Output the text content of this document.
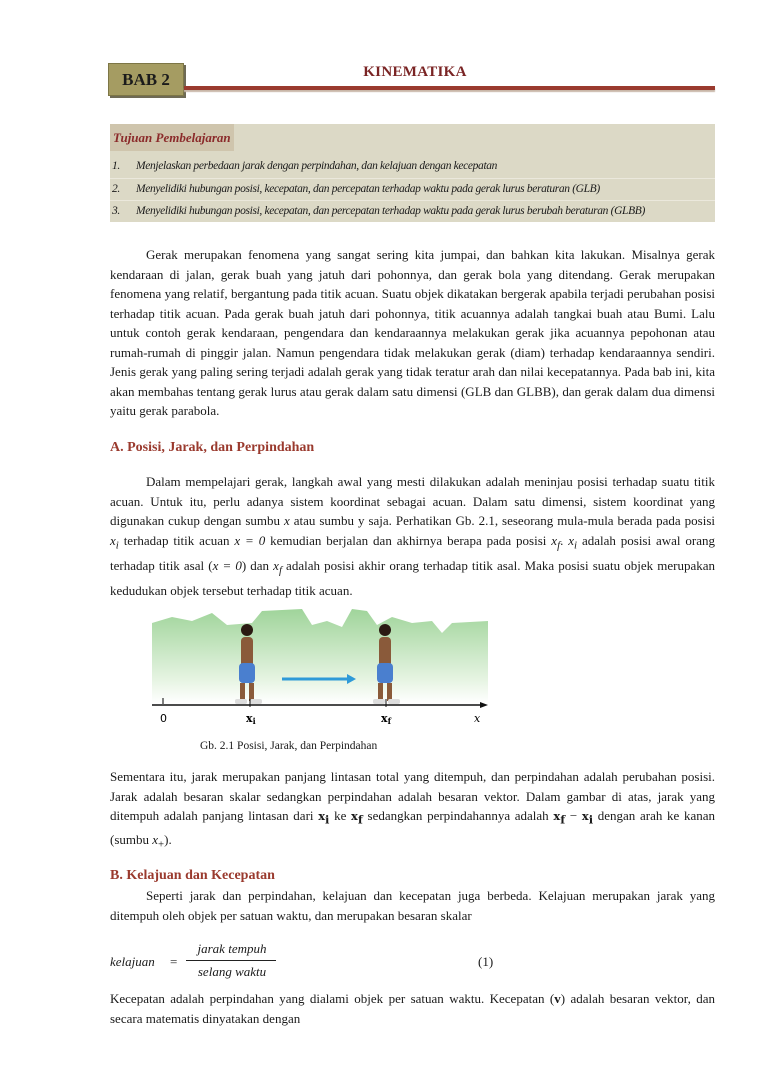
BAB 2	KINEMATIKA
Tujuan Pembelajaran
1. Menjelaskan perbedaan jarak dengan perpindahan, dan kelajuan dengan kecepatan
2. Menyelidiki hubungan posisi, kecepatan, dan percepatan terhadap waktu pada gerak lurus beraturan (GLB)
3. Menyelidiki hubungan posisi, kecepatan, dan percepatan terhadap waktu pada gerak lurus berubah beraturan (GLBB)

Gerak merupakan fenomena yang sangat sering kita jumpai, dan bahkan kita lakukan. Misalnya gerak kendaraan di jalan, gerak buah yang jatuh dari pohonnya, dan gerak bola yang ditendang. Gerak merupakan fenomena yang relatif, bergantung pada titik acuan. Suatu objek dikatakan bergerak apabila terjadi perubahan posisi terhadap titik acuan. Pada gerak buah jatuh dari pohonnya, titik acuannya adalah tangkai buah atau Bumi. Lalu untuk contoh gerak kendaraan, pengendara dan kendaraannya melakukan gerak jika acuannya pepohonan atau rumah-rumah di pinggir jalan. Namun pengendara tidak melakukan gerak (diam) terhadap kendaraannya sendiri. Jenis gerak yang paling sering terjadi adalah gerak yang tidak teratur arah dan nilai kecepatannya. Pada bab ini, kita akan membahas tentang gerak lurus atau gerak dalam satu dimensi (GLB dan GLBB), dan gerak dalam dua dimensi yaitu gerak parabola.

A. Posisi, Jarak, dan Perpindahan

Dalam mempelajari gerak, langkah awal yang mesti dilakukan adalah meninjau posisi terhadap suatu titik acuan. Untuk itu, perlu adanya sistem koordinat sebagai acuan. Dalam satu dimensi, sistem koordinat yang digunakan cukup dengan sumbu x atau sumbu y saja. Perhatikan Gb. 2.1, seseorang mula-mula berada pada posisi $x_i$ terhadap titik acuan x = 0 kemudian berjalan dan akhirnya berapa pada posisi $x_f$. $x_i$ adalah posisi awal orang terhadap titik asal (x = 0) dan $x_f$ adalah posisi akhir orang terhadap titik asal. Maka posisi suatu objek merupakan kedudukan objek tersebut terhadap titik acuan.

0	xi	xf	x
Gb. 2.1 Posisi, Jarak, dan Perpindahan

Sementara itu, jarak merupakan panjang lintasan total yang ditempuh, dan perpindahan adalah perubahan posisi. Jarak adalah besaran skalar sedangkan perpindahan adalah besaran vektor. Dalam gambar di atas, jarak yang ditempuh adalah panjang lintasan dari $x_i$ ke $x_f$ sedangkan perpindahannya adalah $x_f - x_i$ dengan arah ke kanan (sumbu $x_+$).

B. Kelajuan dan Kecepatan

Seperti jarak dan perpindahan, kelajuan dan kecepatan juga berbeda. Kelajuan merupakan jarak yang ditempuh oleh objek per satuan waktu, dan merupakan besaran skalar

kelajuan =
jarak tempuh
selang waktu
(1)

Kecepatan adalah perpindahan yang dialami objek per satuan waktu. Kecepatan (v) adalah besaran vektor, dan secara matematis dinyatakan dengan
